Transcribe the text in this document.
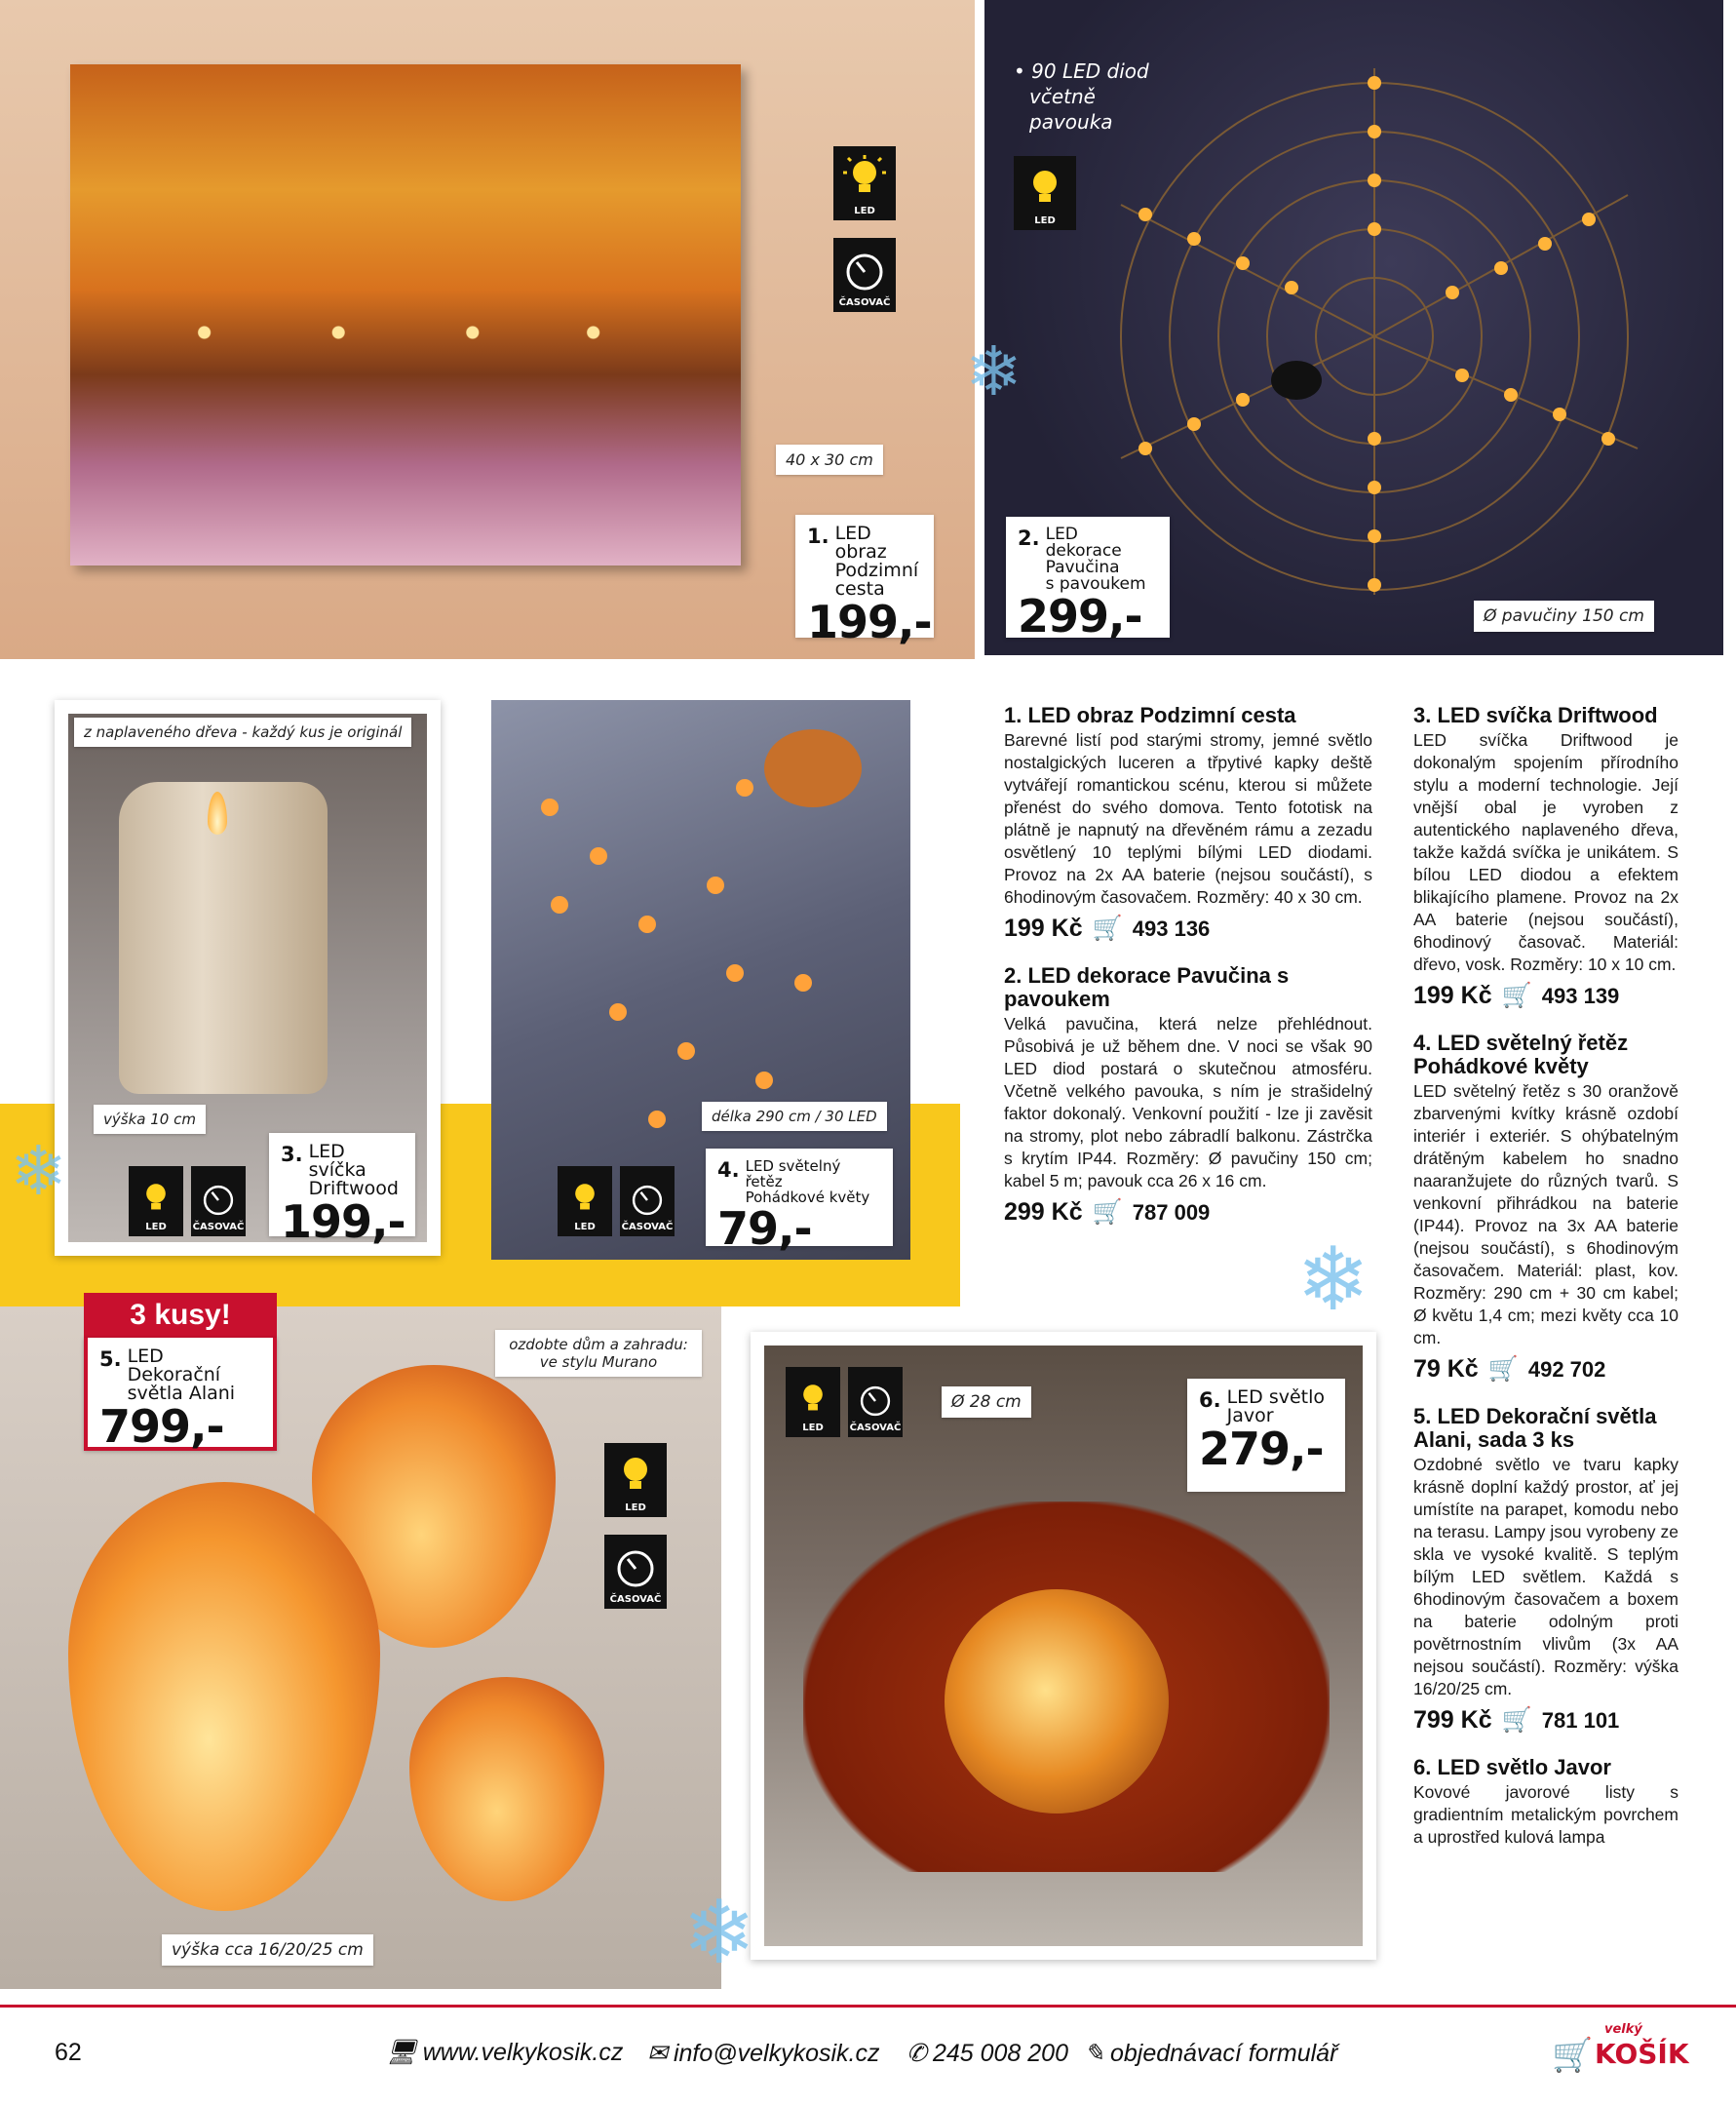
LED
ČASOVAČ
40 x 30 cm
1. LED obraz
Podzimní
cesta
199,-
• 90 LED diod
včetně
pavouka
LED
2. LED dekorace
Pavučina
s pavoukem
299,-	Ø pavučiny 150 cm
z naplaveného dřeva - každý kus je originál
výška 10 cm
LED	ČASOVAČ
3. LED svíčka
Driftwood
199,-
délka 290 cm / 30 LED
LED	ČASOVAČ
4. LED světelný řetěz
Pohádkové květy
79,-
3 kusy!
5. LED Dekorační
světla Alani
799,-
ozdobte dům a zahradu: ve stylu Murano
LED
ČASOVAČ
výška cca 16/20/25 cm
LED	ČASOVAČ
Ø 28 cm	6. LED světlo
Javor
279,-
1. LED obraz Podzimní cesta

Barevné listí pod starými stromy, jemné světlo nostalgických luceren a třpytivé kapky deště vytvářejí romantickou scénu, kterou si můžete přenést do svého domova. Tento fototisk na plátně je napnutý na dřevěném rámu a zezadu osvětlený 10 teplými bílými LED diodami. Provoz na 2x AA baterie (nejsou součástí), s 6hodinovým časovačem. Rozměry: 40 x 30 cm.

199 Kč 🛒 493 136
2. LED dekorace Pavučina s pavoukem

Velká pavučina, která nelze přehlédnout. Působivá je už během dne. V noci se však 90 LED diod postará o skutečnou atmosféru. Včetně velkého pavouka, s ním je strašidelný faktor dokonalý. Venkovní použití - lze ji zavěsit na stromy, plot nebo zábradlí balkonu. Zástrčka s krytím IP44. Rozměry: Ø pavučiny 150 cm; kabel 5 m; pavouk cca 26 x 16 cm.

299 Kč 🛒 787 009
3. LED svíčka Driftwood

LED svíčka Driftwood je dokonalým spojením přírodního stylu a moderní technologie. Její vnější obal je vyroben z autentického naplaveného dřeva, takže každá svíčka je unikátem. S bílou LED diodou a efektem blikajícího plamene. Provoz na 2x AA baterie (nejsou součástí), 6hodinový časovač. Materiál: dřevo, vosk. Rozměry: 10 x 10 cm.

199 Kč 🛒 493 139
4. LED světelný řetěz Pohádkové květy

LED světelný řetěz s 30 oranžově zbarvenými kvítky krásně ozdobí interiér i exteriér. S ohýbatelným drátěným kabelem ho snadno naaranžujete do různých tvarů. S venkovní přihrádkou na baterie (IP44). Provoz na 3x AA baterie (nejsou součástí), s 6hodinovým časovačem. Materiál: plast, kov. Rozměry: 290 cm + 30 cm kabel; Ø květu 1,4 cm; mezi květy cca 10 cm.

79 Kč 🛒 492 702
5. LED Dekorační světla Alani, sada 3 ks

Ozdobné světlo ve tvaru kapky krásně doplní každý prostor, ať jej umístíte na parapet, komodu nebo na terasu. Lampy jsou vyrobeny ze skla ve vysoké kvalitě. S teplým bílým LED světlem. Každá s 6hodinovým časovačem a boxem na baterie odolným proti povětrnostním vlivům (3x AA nejsou součástí). Rozměry: výška 16/20/25 cm.

799 Kč 🛒 781 101
6. LED světlo Javor

Kovové javorové listy s gradientním metalickým povrchem a uprostřed kulová lampa

❄
❄
❄
❄
62	🖥 www.velkykosik.cz ✉ info@velkykosik.cz ✆ 245 008 200 ✎ objednávací formulář	🛒
velký
KOŠÍK
